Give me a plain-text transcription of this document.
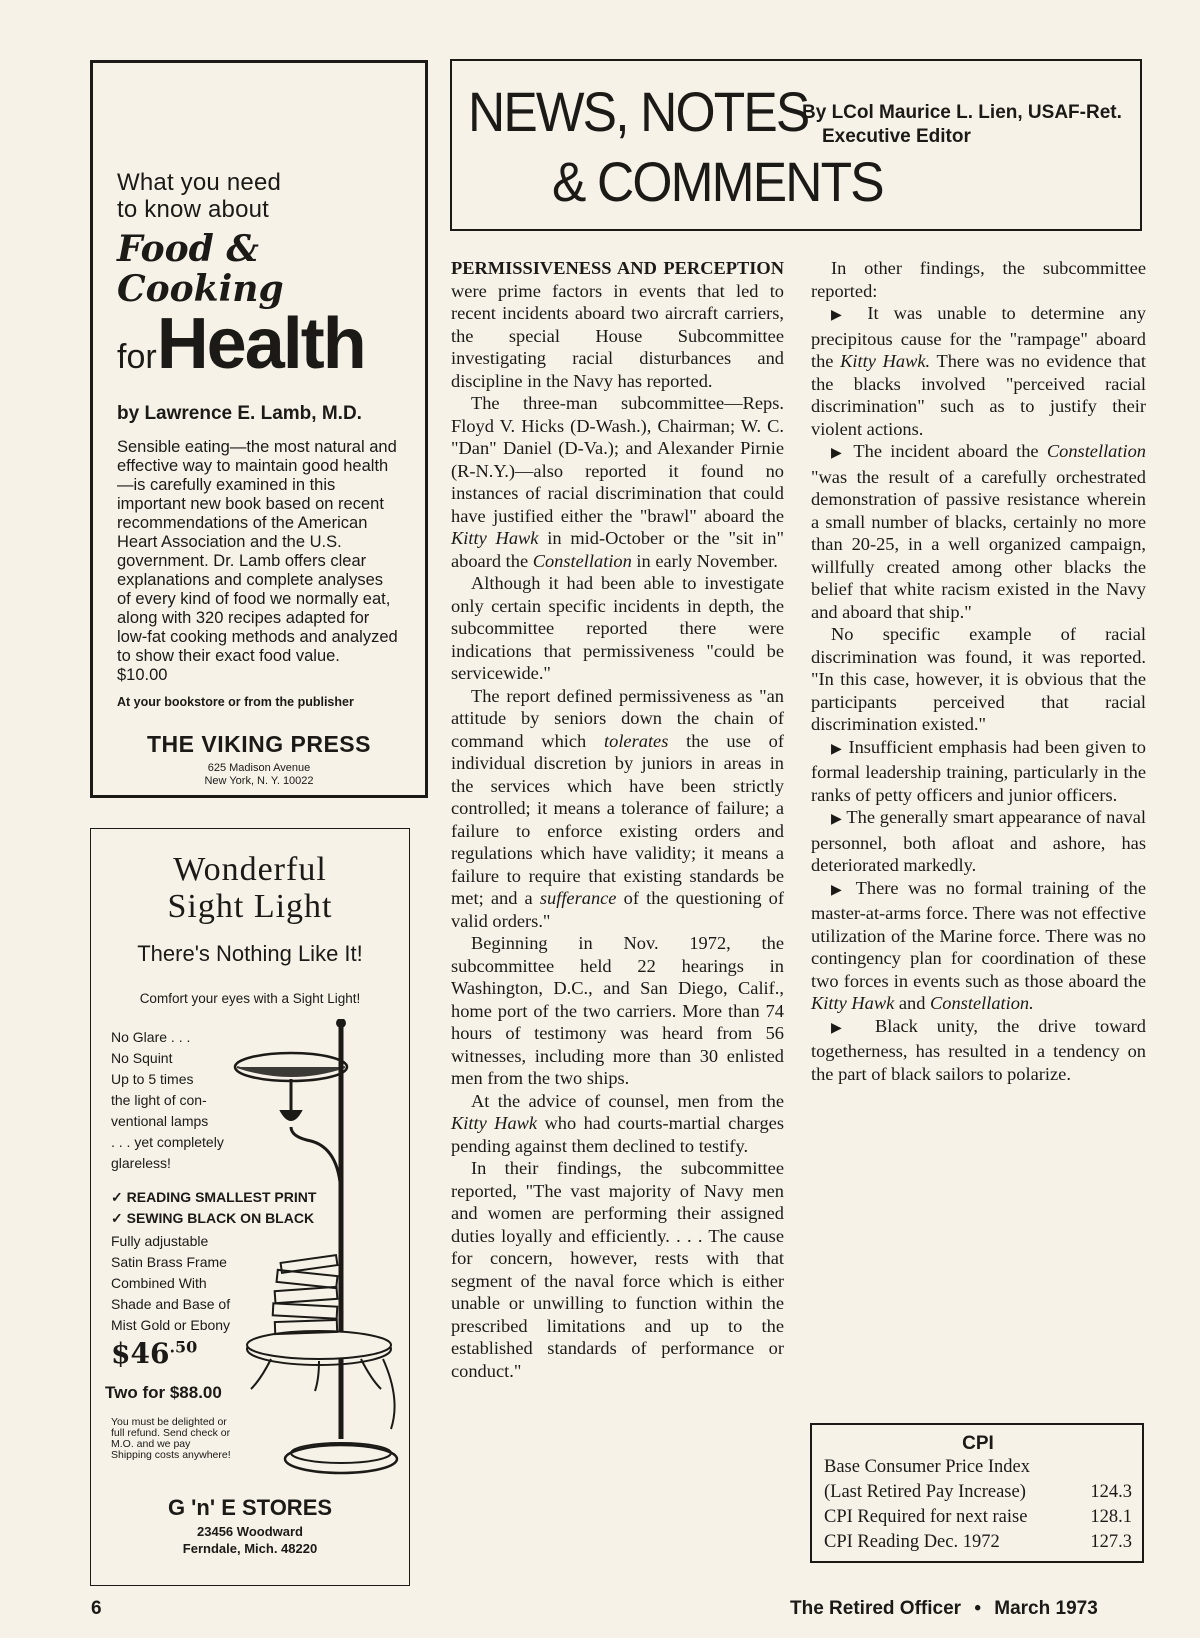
What you need
to know about
Food & Cooking
forHealth
by Lawrence E. Lamb, M.D.
Sensible eating—the most natural and effective way to maintain good health—is carefully examined in this important new book based on recent recommendations of the American Heart Association and the U.S. government. Dr. Lamb offers clear explanations and complete analyses of every kind of food we normally eat, along with 320 recipes adapted for low-fat cooking methods and analyzed to show their exact food value.
$10.00
At your bookstore or from the publisher
THE VIKING PRESS
625 Madison Avenue
New York, N. Y. 10022
Wonderful
Sight Light
There's Nothing Like It!
Comfort your eyes with a Sight Light!
No Glare . . .
No Squint
Up to 5 times
the light of con-
ventional lamps
. . . yet completely
glareless!
✓ READING SMALLEST PRINT
✓ SEWING BLACK ON BLACK
Fully adjustable
Satin Brass Frame
Combined With
Shade and Base of
Mist Gold or Ebony
$\$46^{.50}$
Two for $88.00
You must be delighted or full refund. Send check or M.O. and we pay Shipping costs anywhere!
G 'n' E STORES
23456 Woodward
Ferndale, Mich. 48220
NEWS, NOTES
& COMMENTS
By LCol Maurice L. Lien, USAF-Ret.
Executive Editor

PERMISSIVENESS AND PERCEPTION were prime factors in events that led to recent incidents aboard two aircraft carriers, the special House Subcommittee investigating racial disturbances and discipline in the Navy has reported.

The three-man subcommittee—Reps. Floyd V. Hicks (D-Wash.), Chairman; W. C. "Dan" Daniel (D-Va.); and Alexander Pirnie (R-N.Y.)—also reported it found no instances of racial discrimination that could have justified either the "brawl" aboard the Kitty Hawk in mid-October or the "sit in" aboard the Constellation in early November.

Although it had been able to investigate only certain specific incidents in depth, the subcommittee reported there were indications that permissiveness "could be servicewide."

The report defined permissiveness as "an attitude by seniors down the chain of command which tolerates the use of individual discretion by juniors in areas in the services which have been strictly controlled; it means a tolerance of failure; a failure to enforce existing orders and regulations which have validity; it means a failure to require that existing standards be met; and a sufferance of the questioning of valid orders."

Beginning in Nov. 1972, the subcommittee held 22 hearings in Washington, D.C., and San Diego, Calif., home port of the two carriers. More than 74 hours of testimony was heard from 56 witnesses, including more than 30 enlisted men from the two ships.

At the advice of counsel, men from the Kitty Hawk who had courts-martial charges pending against them declined to testify.

In their findings, the subcommittee reported, "The vast majority of Navy men and women are performing their assigned duties loyally and efficiently. . . . The cause for concern, however, rests with that segment of the naval force which is either unable or unwilling to function within the prescribed limitations and up to the established standards of performance or conduct."

In other findings, the subcommittee reported:

▶ It was unable to determine any precipitous cause for the "rampage" aboard the Kitty Hawk. There was no evidence that the blacks involved "perceived racial discrimination" such as to justify their violent actions.

▶ The incident aboard the Constellation "was the result of a carefully orchestrated demonstration of passive resistance wherein a small number of blacks, certainly no more than 20-25, in a well organized campaign, willfully created among other blacks the belief that white racism existed in the Navy and aboard that ship."

No specific example of racial discrimination was found, it was reported. "In this case, however, it is obvious that the participants perceived that racial discrimination existed."

▶ Insufficient emphasis had been given to formal leadership training, particularly in the ranks of petty officers and junior officers.

▶ The generally smart appearance of naval personnel, both afloat and ashore, has deteriorated markedly.

▶ There was no formal training of the master-at-arms force. There was not effective utilization of the Marine force. There was no contingency plan for coordination of these two forces in events such as those aboard the Kitty Hawk and Constellation.

▶ Black unity, the drive toward togetherness, has resulted in a tendency on the part of black sailors to polarize.

CPI
Base Consumer Price Index
(Last Retired Pay Increase)	124.3
CPI Required for next raise	128.1
CPI Reading Dec. 1972	127.3
6	The Retired Officer • March 1973
